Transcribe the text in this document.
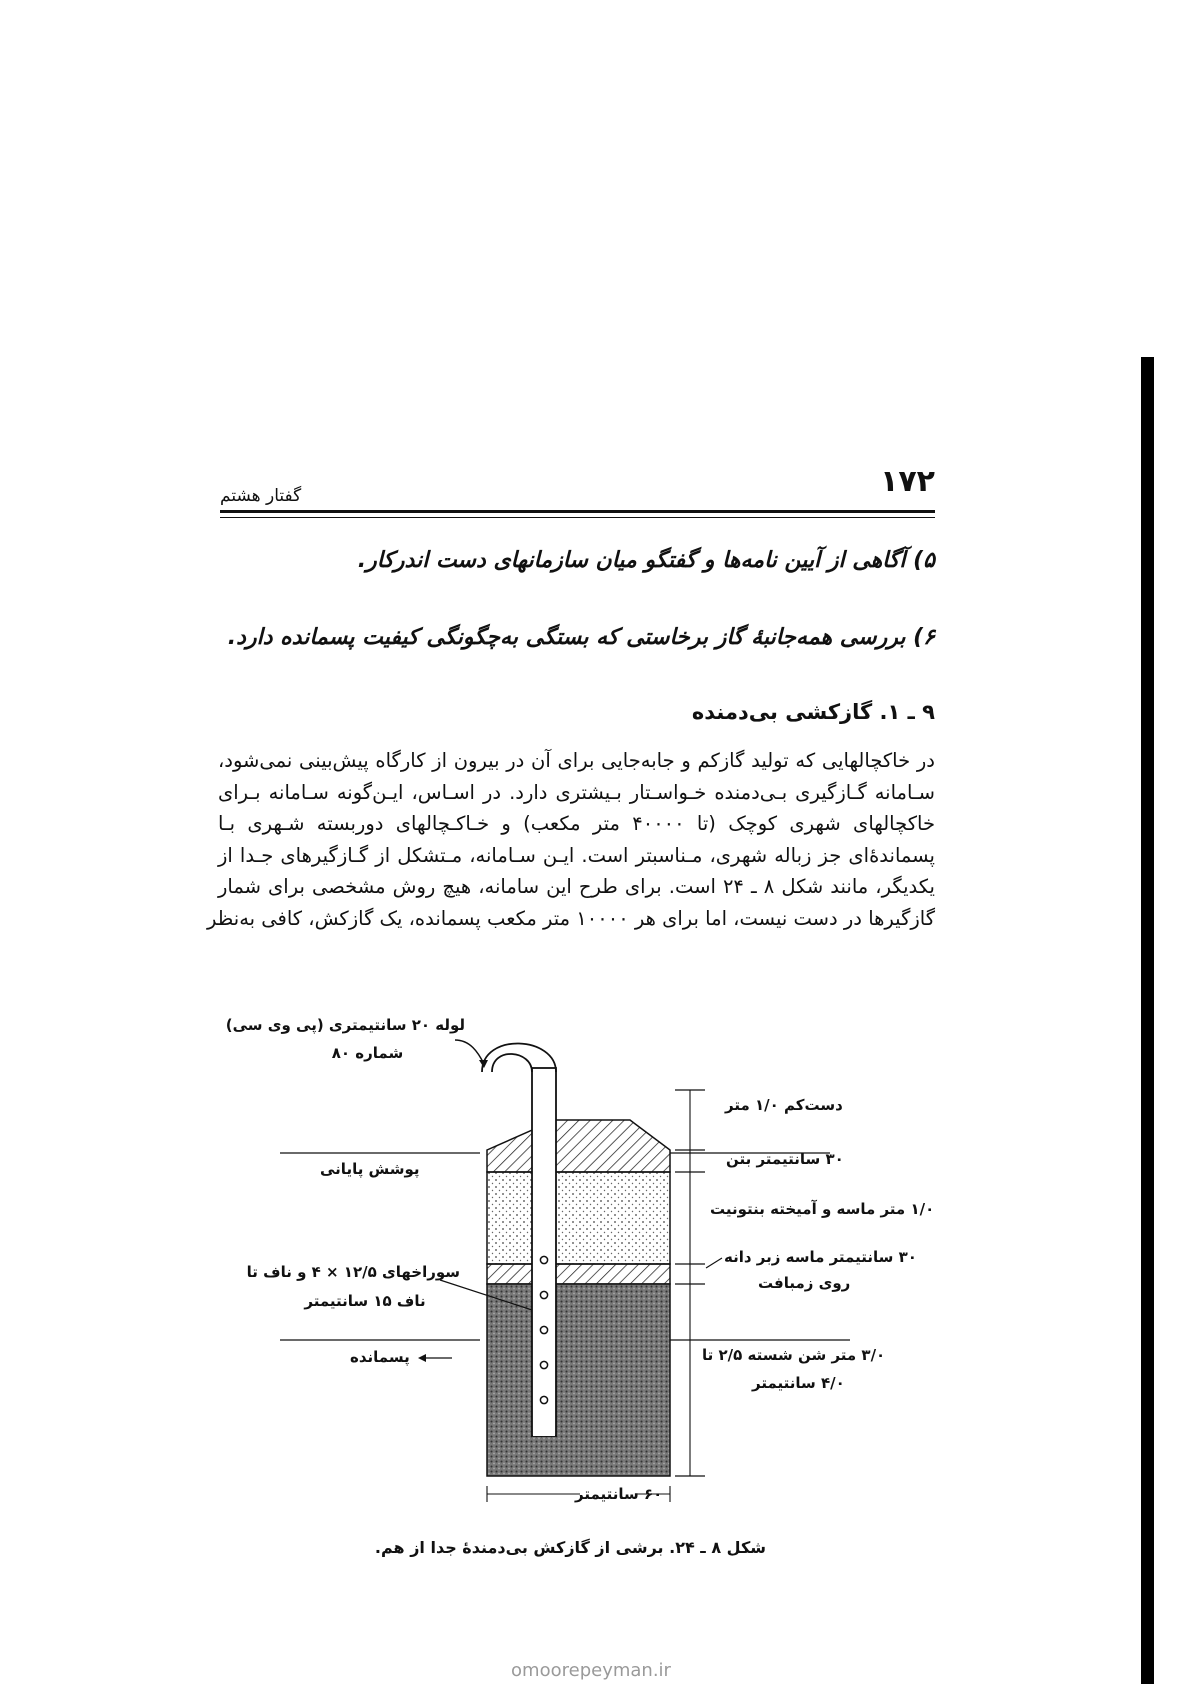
۱۷۲
گفتار هشتم
۵) آگاهی از آیین نامه‌ها و گفتگو میان سازمانهای دست اندرکار.
۶) بررسی همه‌جانبهٔ گاز برخاستی که بستگی به‌چگونگی کیفیت پسمانده دارد.
۹ ـ ۱. گازکشی بی‌دمنده
در خاکچالهایی که تولید گازکم و جابه‌جایی برای آن در بیرون از کارگاه پیش‌بینی نمی‌شود،
سـامانه گـازگیری بـی‌دمنده خـواسـتار بـیشتری دارد. در اسـاس، ایـن‌گونه سـامانه بـرای
خاکچالهای شهری کوچک (تا ۴۰۰۰۰ متر مکعب) و خـاکـچالهای دوربسته شـهری بـا
پسماندهٔ‌ای جز زباله شهری، مـناسبتر است. ایـن سـامانه، مـتشکل از گـازگیرهای جـدا از
یکدیگر، مانند شکل ۸ ـ ۲۴ است. برای طرح این سامانه، هیچ روش مشخصی برای شمار
گازگیرها در دست نیست، اما برای هر ۱۰۰۰۰ متر مکعب پسمانده، یک گازکش، کافی به‌نظر
لوله ۲۰ سانتیمتری (پی وی سی)
شماره ۸۰
دست‌کم ۱/۰ متر
۳۰ سانتیمتر بتن
پوشش پایانی
۱/۰ متر ماسه و آمیخته بنتونیت
۳۰ سانتیمتر ماسه زبر دانه
روی زمبافت
سوراخهای ۱۲/۵ × ۴ و ناف تا
ناف ۱۵ سانتیمتر
پسمانده	۳/۰ متر شن شسته ۲/۵ تا
۴/۰ سانتیمتر
۶۰ سانتیمتر
شکل ۸ ـ ۲۴. برشی از گازکش بی‌دمندهٔ جدا از هم.
omoorepeyman.ir
